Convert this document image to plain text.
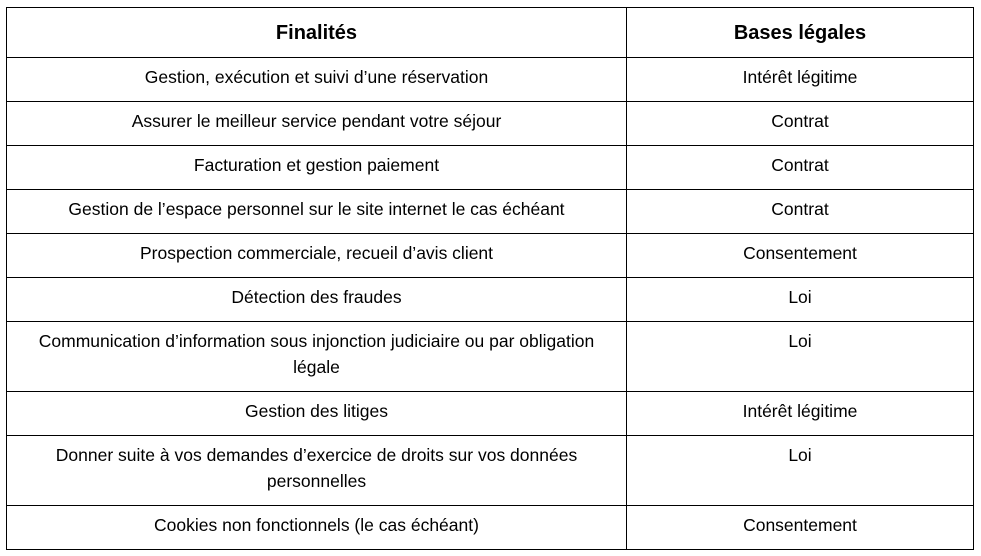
Finalités	Bases légales
Gestion, exécution et suivi d’une réservation	Intérêt légitime
Assurer le meilleur service pendant votre séjour	Contrat
Facturation et gestion paiement	Contrat
Gestion de l’espace personnel sur le site internet le cas échéant	Contrat
Prospection commerciale, recueil d’avis client	Consentement
Détection des fraudes	Loi
Communication d’information sous injonction judiciaire ou par obligation légale	Loi
Gestion des litiges	Intérêt légitime
Donner suite à vos demandes d’exercice de droits sur vos données personnelles	Loi
Cookies non fonctionnels (le cas échéant)	Consentement
